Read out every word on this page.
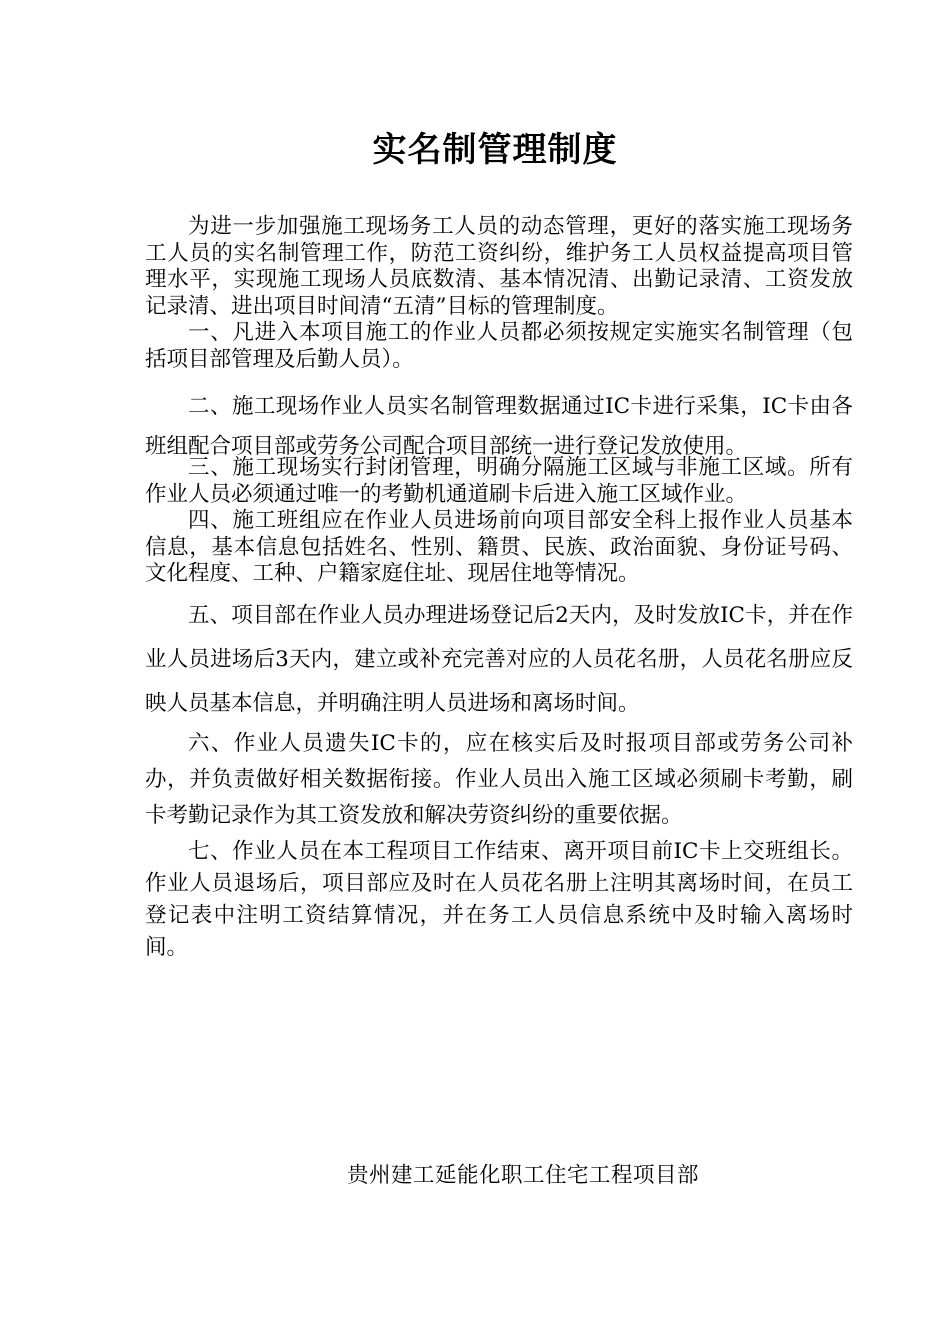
实名制管理制度

为进一步加强施工现场务工人员的动态管理，更好的落实施工现场务工人员的实名制管理工作，防范工资纠纷，维护务工人员权益提高项目管理水平，实现施工现场人员底数清、基本情况清、出勤记录清、工资发放记录清、进出项目时间清“五清”目标的管理制度。

一、凡进入本项目施工的作业人员都必须按规定实施实名制管理（包括项目部管理及后勤人员）。

二、施工现场作业人员实名制管理数据通过IC卡进行采集，IC卡由各班组配合项目部或劳务公司配合项目部统一进行登记发放使用。

三、施工现场实行封闭管理，明确分隔施工区域与非施工区域。所有作业人员必须通过唯一的考勤机通道刷卡后进入施工区域作业。

四、施工班组应在作业人员进场前向项目部安全科上报作业人员基本信息，基本信息包括姓名、性别、籍贯、民族、政治面貌、身份证号码、文化程度、工种、户籍家庭住址、现居住地等情况。

五、项目部在作业人员办理进场登记后2天内，及时发放IC卡，并在作业人员进场后3天内，建立或补充完善对应的人员花名册，人员花名册应反映人员基本信息，并明确注明人员进场和离场时间。

六、作业人员遗失IC卡的，应在核实后及时报项目部或劳务公司补办，并负责做好相关数据衔接。作业人员出入施工区域必须刷卡考勤，刷卡考勤记录作为其工资发放和解决劳资纠纷的重要依据。

七、作业人员在本工程项目工作结束、离开项目前IC卡上交班组长。作业人员退场后，项目部应及时在人员花名册上注明其离场时间，在员工登记表中注明工资结算情况，并在务工人员信息系统中及时输入离场时间。

贵州建工延能化职工住宅工程项目部
